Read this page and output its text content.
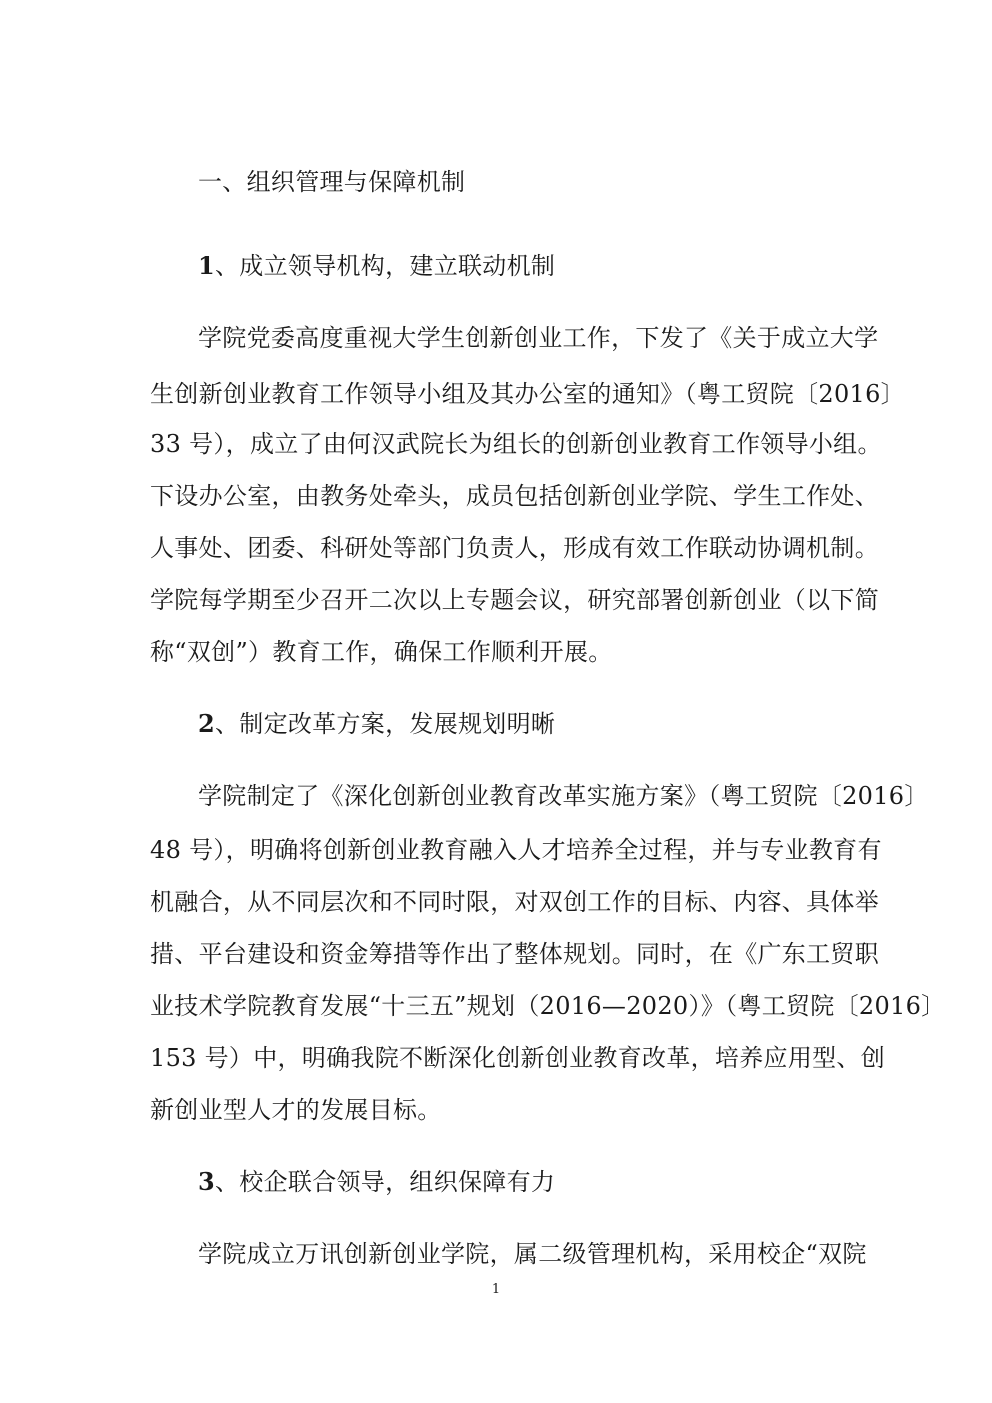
一、组织管理与保障机制
1、成立领导机构，建立联动机制
学院党委高度重视大学生创新创业工作，下发了《关于成立大学
生创新创业教育工作领导小组及其办公室的通知》（粤工贸院〔2016〕
33 号），成立了由何汉武院长为组长的创新创业教育工作领导小组。
下设办公室，由教务处牵头，成员包括创新创业学院、学生工作处、
人事处、团委、科研处等部门负责人，形成有效工作联动协调机制。
学院每学期至少召开二次以上专题会议，研究部署创新创业（以下简
称“双创”）教育工作，确保工作顺利开展。
2、制定改革方案，发展规划明晰
学院制定了《深化创新创业教育改革实施方案》（粤工贸院〔2016〕
48 号），明确将创新创业教育融入人才培养全过程，并与专业教育有
机融合，从不同层次和不同时限，对双创工作的目标、内容、具体举
措、平台建设和资金筹措等作出了整体规划。同时，在《广东工贸职
业技术学院教育发展“十三五”规划（2016—2020）》（粤工贸院〔2016〕
153 号）中，明确我院不断深化创新创业教育改革，培养应用型、创
新创业型人才的发展目标。
3、校企联合领导，组织保障有力
学院成立万讯创新创业学院，属二级管理机构，采用校企“双院
1
